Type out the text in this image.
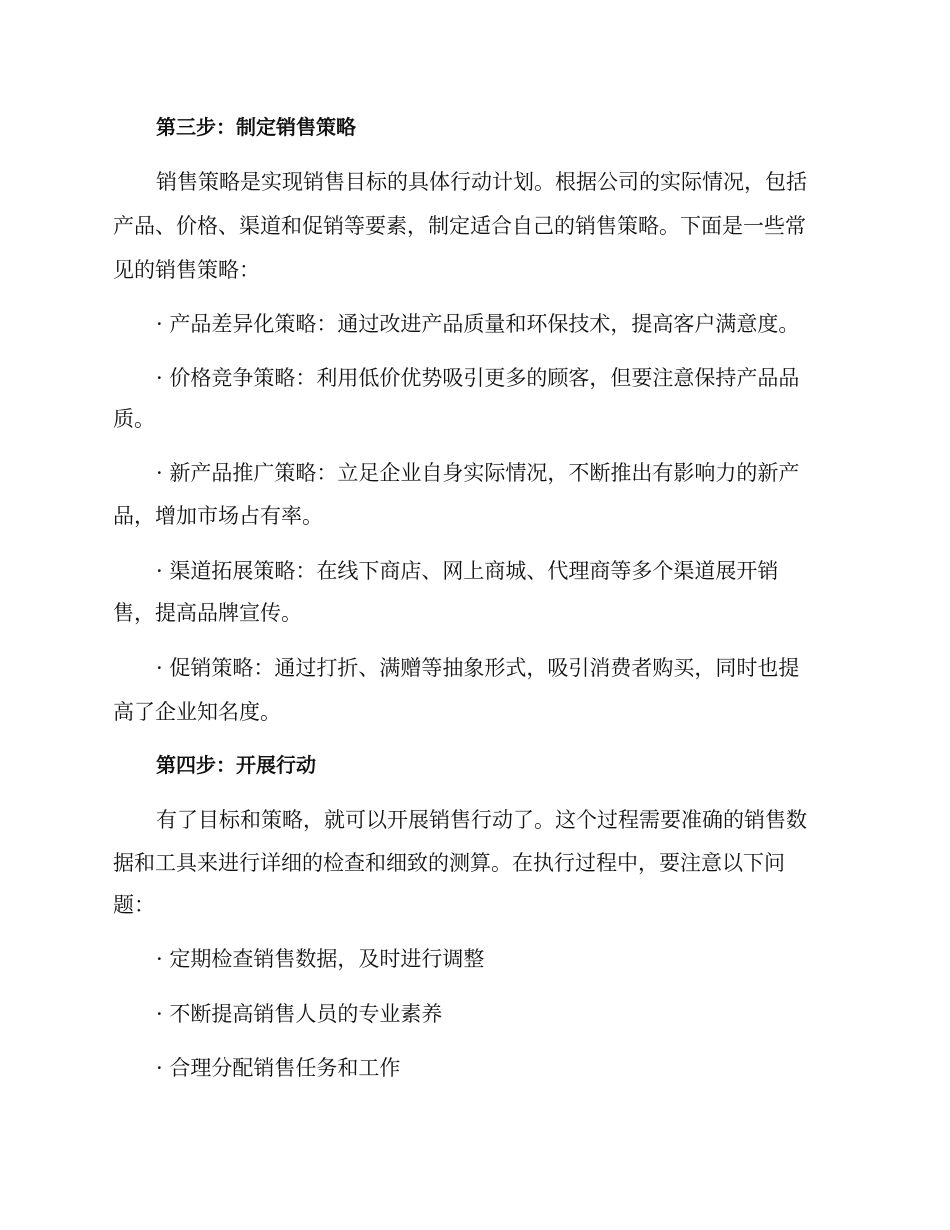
第三步：制定销售策略
销售策略是实现销售目标的具体行动计划。根据公司的实际情况，包括
产品、价格、渠道和促销等要素，制定适合自己的销售策略。下面是一些常
见的销售策略：
· 产品差异化策略：通过改进产品质量和环保技术，提高客户满意度。
· 价格竞争策略：利用低价优势吸引更多的顾客，但要注意保持产品品
质。
· 新产品推广策略：立足企业自身实际情况，不断推出有影响力的新产
品，增加市场占有率。
· 渠道拓展策略：在线下商店、网上商城、代理商等多个渠道展开销
售，提高品牌宣传。
· 促销策略：通过打折、满赠等抽象形式，吸引消费者购买，同时也提
高了企业知名度。
第四步：开展行动
有了目标和策略，就可以开展销售行动了。这个过程需要准确的销售数
据和工具来进行详细的检查和细致的测算。在执行过程中，要注意以下问
题：
· 定期检查销售数据，及时进行调整
· 不断提高销售人员的专业素养
· 合理分配销售任务和工作
